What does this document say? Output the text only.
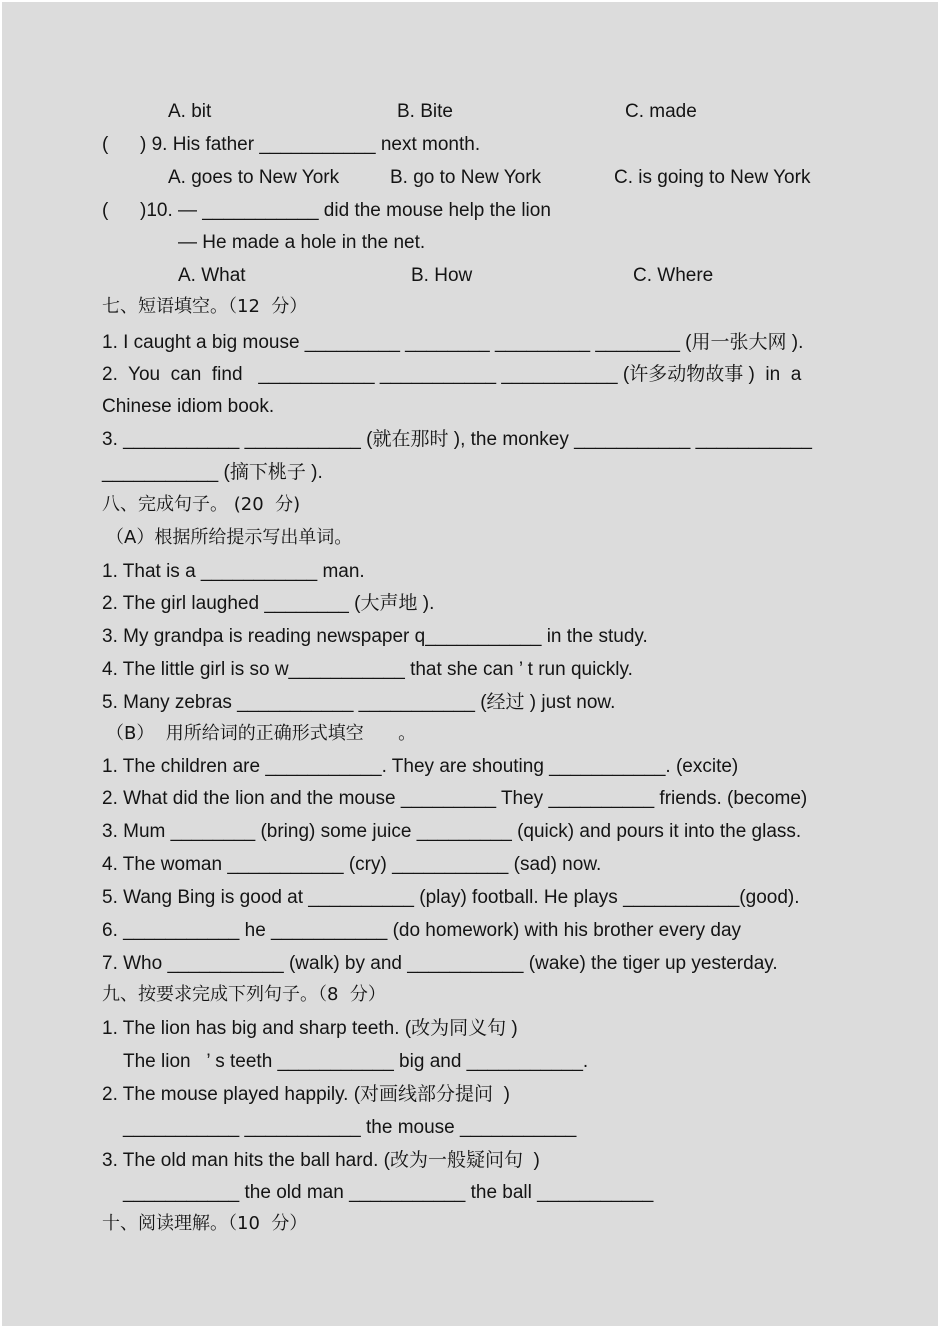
A. bit	B. Bite	C. made
(      ) 9. His father ___________ next month.
A. goes to New York	B. go to New York	C. is going to New York
(      )10. — ___________ did the mouse help the lion
— He made a hole in the net.
A. What	B. How	C. Where
七、短语填空。（12  分）
1. I caught a big mouse _________ ________ _________ ________ (用一张大网 ).
2.  You  can  find   ___________ ___________ ___________ (许多动物故事 )  in  a
Chinese idiom book.
3. ___________ ___________ (就在那时 ), the monkey ___________ ___________
___________ (摘下桃子 ).
八、完成句子。 (20  分)
（A）根据所给提示写出单词。
1. That is a ___________ man.
2. The girl laughed ________ (大声地 ).
3. My grandpa is reading newspaper q___________ in the study.
4. The little girl is so w___________ that she can ’ t run quickly.
5. Many zebras ___________ ___________ (经过 ) just now.
（B）  用所给词的正确形式填空      。
1. The children are ___________. They are shouting ___________. (excite)
2. What did the lion and the mouse _________ They __________ friends. (become)
3. Mum ________ (bring) some juice _________ (quick) and pours it into the glass.
4. The woman ___________ (cry) ___________ (sad) now.
5. Wang Bing is good at __________ (play) football. He plays ___________(good).
6. ___________ he ___________ (do homework) with his brother every day
7. Who ___________ (walk) by and ___________ (wake) the tiger up yesterday.
九、按要求完成下列句子。（8  分）
1. The lion has big and sharp teeth. (改为同义句 )
The lion   ’ s teeth ___________ big and ___________.
2. The mouse played happily. (对画线部分提问  )
___________ ___________ the mouse ___________
3. The old man hits the ball hard. (改为一般疑问句  )
___________ the old man ___________ the ball ___________
十、阅读理解。（10  分）
